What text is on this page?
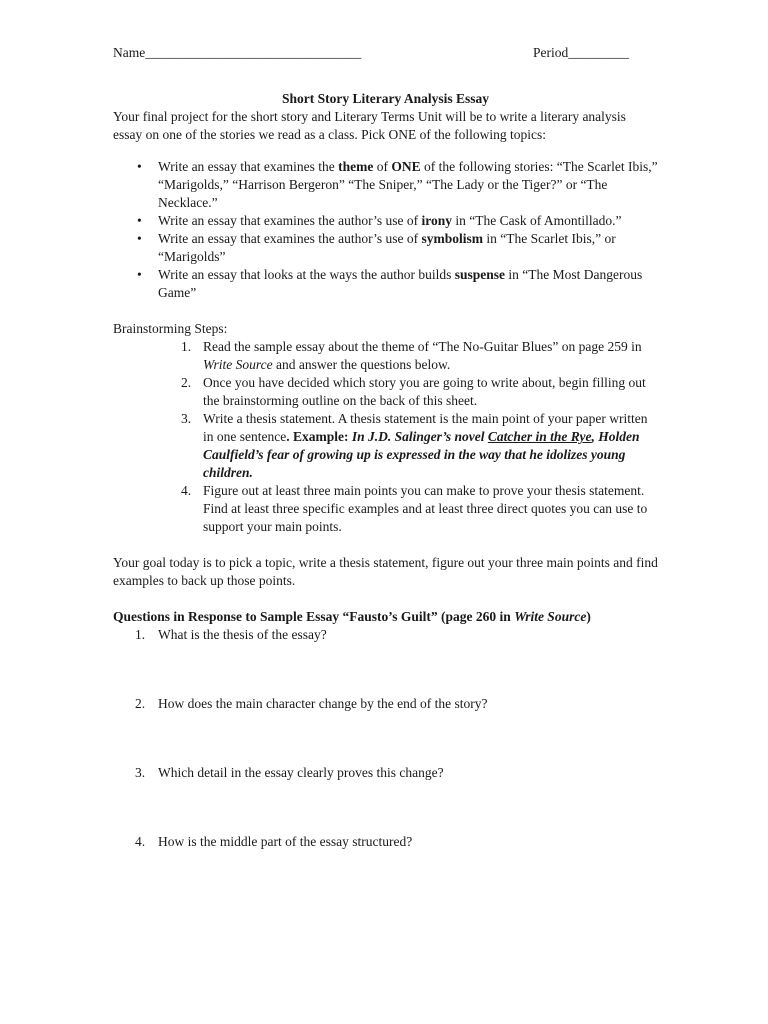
Name________________________________	Period_________

Short Story Literary Analysis Essay

Your final project for the short story and Literary Terms Unit will be to write a literary analysis essay on one of the stories we read as a class. Pick ONE of the following topics:

• Write an essay that examines the theme of ONE of the following stories: “The Scarlet Ibis,” “Marigolds,” “Harrison Bergeron” “The Sniper,” “The Lady or the Tiger?” or “The Necklace.”
• Write an essay that examines the author’s use of irony in “The Cask of Amontillado.”
• Write an essay that examines the author’s use of symbolism in “The Scarlet Ibis,” or “Marigolds”
• Write an essay that looks at the ways the author builds suspense in “The Most Dangerous Game”

Brainstorming Steps:

1. Read the sample essay about the theme of “The No-Guitar Blues” on page 259 in Write Source and answer the questions below.
2. Once you have decided which story you are going to write about, begin filling out the brainstorming outline on the back of this sheet.
3. Write a thesis statement. A thesis statement is the main point of your paper written in one sentence. Example: In J.D. Salinger’s novel Catcher in the Rye, Holden Caulfield’s fear of growing up is expressed in the way that he idolizes young children.
4. Figure out at least three main points you can make to prove your thesis statement. Find at least three specific examples and at least three direct quotes you can use to support your main points.

Your goal today is to pick a topic, write a thesis statement, figure out your three main points and find examples to back up those points.

Questions in Response to Sample Essay “Fausto’s Guilt” (page 260 in Write Source)

1. What is the thesis of the essay?
2. How does the main character change by the end of the story?
3. Which detail in the essay clearly proves this change?
4. How is the middle part of the essay structured?
